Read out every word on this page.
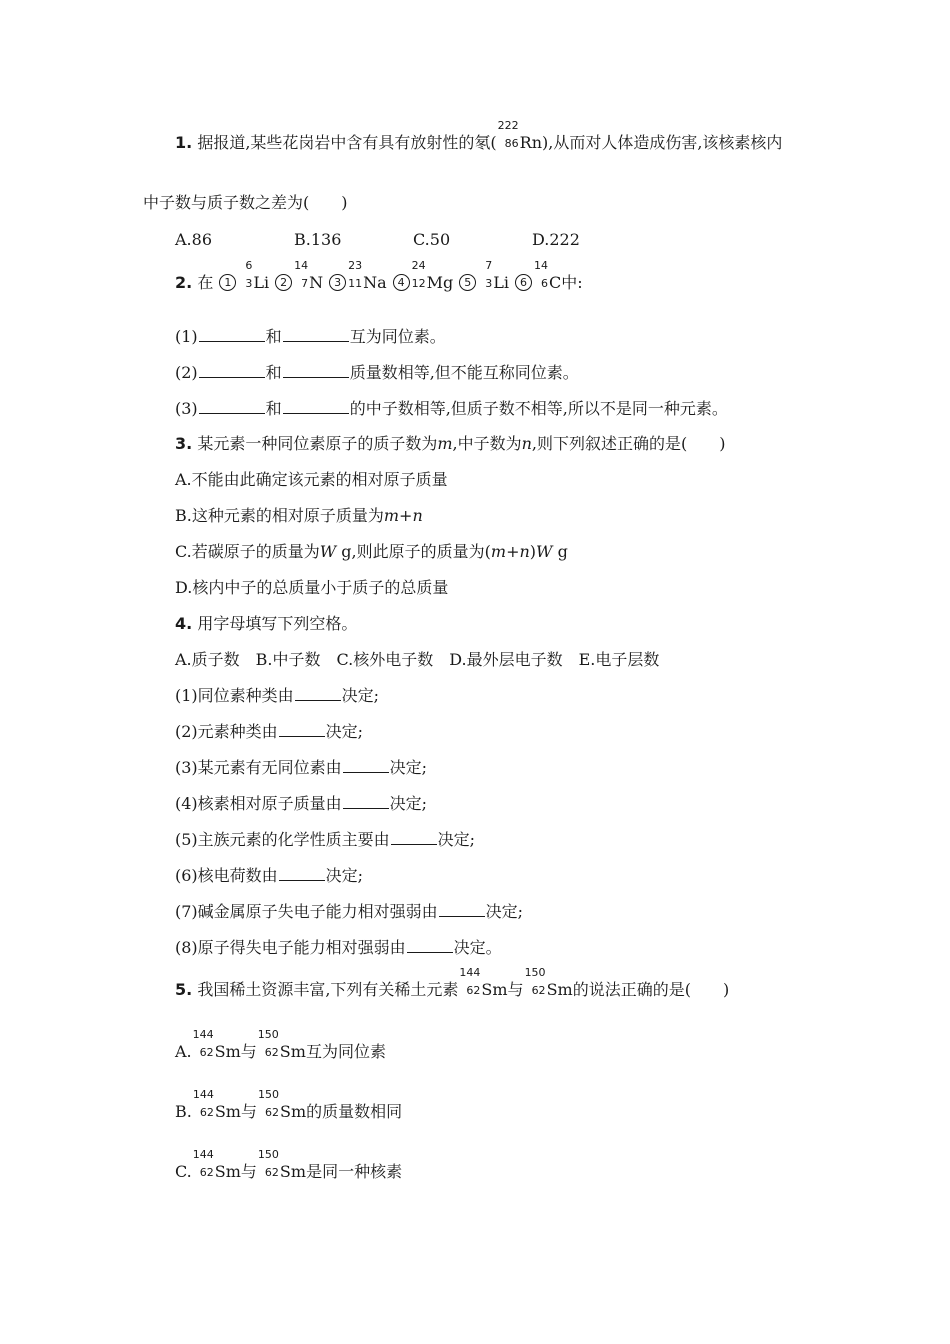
1. 据报道,某些花岗岩中含有具有放射性的氡(
222
86 Rn),从而对人体造成伤害,该核素核内
中子数与质子数之差为(　　)
A.86	B.136	C.50	D.222
2. 在 1
6
3 Li 2
14
7 N 3
23
11 Na 4
24
12 Mg 5
7
3 Li 6
14
6 C中:
(1)	和	互为同位素。
(2)	和	质量数相等,但不能互称同位素。
(3)	和	的中子数相等,但质子数不相等,所以不是同一种元素。
3. 某元素一种同位素原子的质子数为m,中子数为n,则下列叙述正确的是(　　)
A.不能由此确定该元素的相对原子质量
B.这种元素的相对原子质量为m+n
C.若碳原子的质量为W g,则此原子的质量为(m+n)W g
D.核内中子的总质量小于质子的总质量
4. 用字母填写下列空格。
A.质子数　B.中子数　C.核外电子数　D.最外层电子数　E.电子层数
(1)同位素种类由	决定;
(2)元素种类由	决定;
(3)某元素有无同位素由	决定;
(4)核素相对原子质量由	决定;
(5)主族元素的化学性质主要由	决定;
(6)核电荷数由	决定;
(7)碱金属原子失电子能力相对强弱由	决定;
(8)原子得失电子能力相对强弱由	决定。
5. 我国稀土资源丰富,下列有关稀土元素
144
62 Sm与
150
62 Sm的说法正确的是(　　)
A.
144
62 Sm与
150
62 Sm互为同位素
B.
144
62 Sm与
150
62 Sm的质量数相同
C.
144
62 Sm与
150
62 Sm是同一种核素
